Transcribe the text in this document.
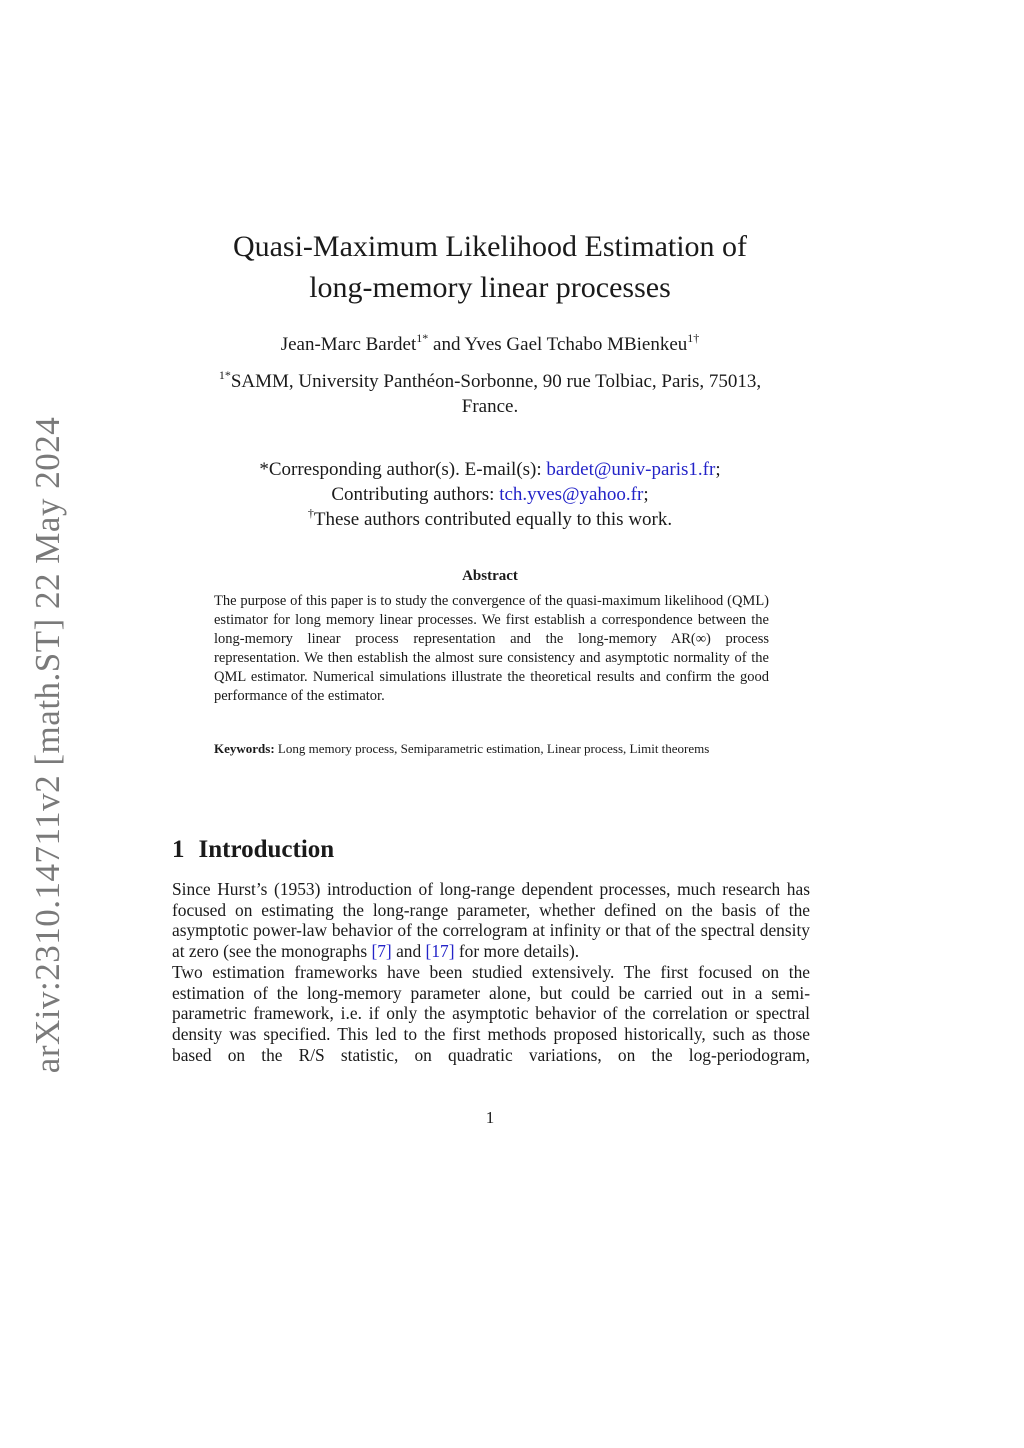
arXiv:2310.14711v2 [math.ST] 22 May 2024
Quasi-Maximum Likelihood Estimation of
long-memory linear processes
Jean-Marc Bardet$^{1*}$ and Yves Gael Tchabo MBienkeu$^{1\dagger}$
$^{1*}$SAMM, University Panthéon-Sorbonne, 90 rue Tolbiac, Paris, 75013,
France.
*Corresponding author(s). E-mail(s): bardet@univ-paris1.fr;
Contributing authors: tch.yves@yahoo.fr;
†These authors contributed equally to this work.
Abstract
The purpose of this paper is to study the convergence of the quasi-maximum likelihood (QML) estimator for long memory linear processes. We first establish a correspondence between the long-memory linear process representation and the long-memory AR(∞) process representation. We then establish the almost sure consistency and asymptotic normality of the QML estimator. Numerical simulations illustrate the theoretical results and confirm the good performance of the estimator.
Keywords: Long memory process, Semiparametric estimation, Linear process, Limit theorems
1 Introduction
Since Hurst’s (1953) introduction of long-range dependent processes, much research has focused on estimating the long-range parameter, whether defined on the basis of the asymptotic power-law behavior of the correlogram at infinity or that of the spectral density at zero (see the monographs [7] and [17] for more details).
Two estimation frameworks have been studied extensively. The first focused on the estimation of the long-memory parameter alone, but could be carried out in a semi-parametric framework, i.e. if only the asymptotic behavior of the correlation or spectral density was specified. This led to the first methods proposed historically, such as those based on the R/S statistic, on quadratic variations, on the log-periodogram,
1
